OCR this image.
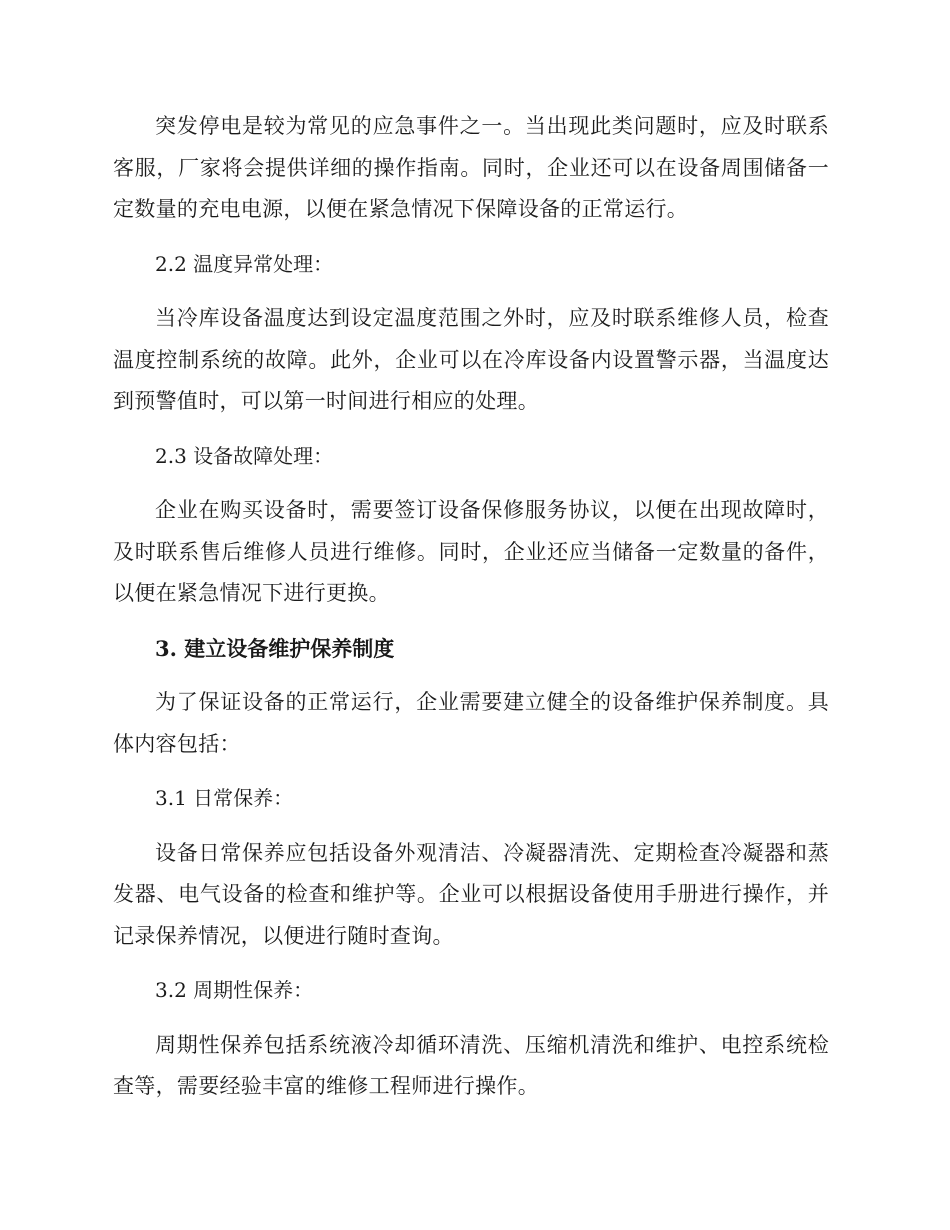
突发停电是较为常见的应急事件之一。当出现此类问题时，应及时联系客服，厂家将会提供详细的操作指南。同时，企业还可以在设备周围储备一定数量的充电电源，以便在紧急情况下保障设备的正常运行。

2.2 温度异常处理：

当冷库设备温度达到设定温度范围之外时，应及时联系维修人员，检查温度控制系统的故障。此外，企业可以在冷库设备内设置警示器，当温度达到预警值时，可以第一时间进行相应的处理。

2.3 设备故障处理：

企业在购买设备时，需要签订设备保修服务协议，以便在出现故障时，及时联系售后维修人员进行维修。同时，企业还应当储备一定数量的备件，以便在紧急情况下进行更换。

3. 建立设备维护保养制度

为了保证设备的正常运行，企业需要建立健全的设备维护保养制度。具体内容包括：

3.1 日常保养：

设备日常保养应包括设备外观清洁、冷凝器清洗、定期检查冷凝器和蒸发器、电气设备的检查和维护等。企业可以根据设备使用手册进行操作，并记录保养情况，以便进行随时查询。

3.2 周期性保养：

周期性保养包括系统液冷却循环清洗、压缩机清洗和维护、电控系统检查等，需要经验丰富的维修工程师进行操作。
